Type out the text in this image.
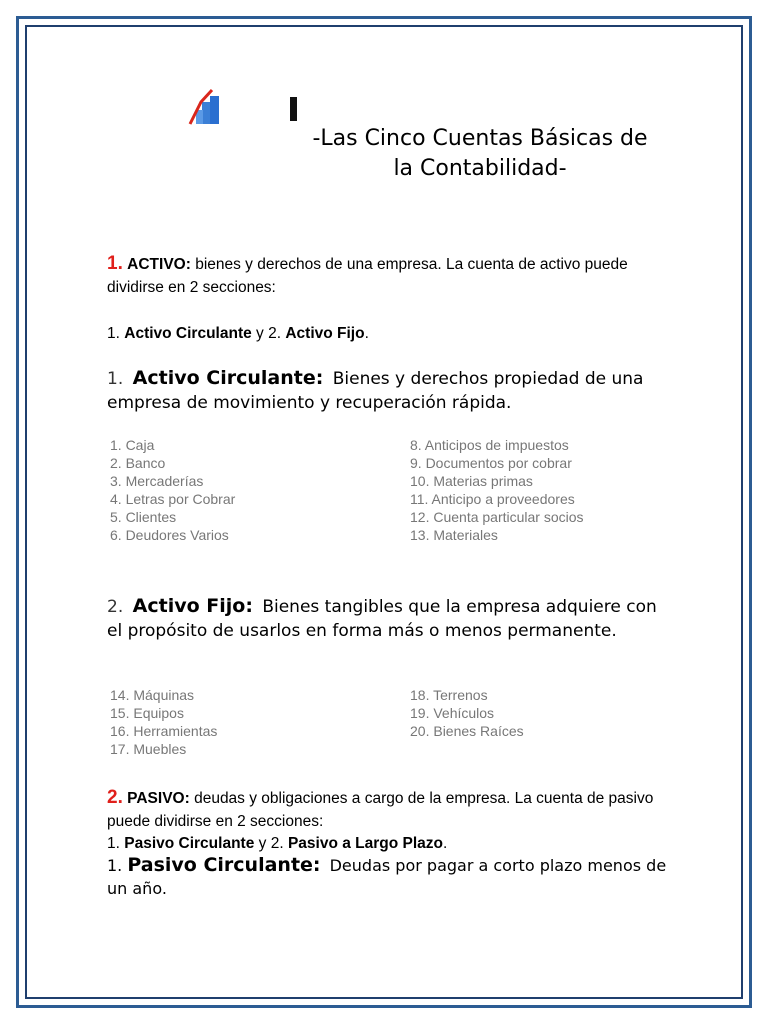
-Las Cinco Cuentas Básicas de
la Contabilidad-
1. ACTIVO: bienes y derechos de una empresa. La cuenta de activo puede dividirse en 2 secciones:
1. Activo Circulante y 2. Activo Fijo.
1. Activo Circulante: Bienes y derechos propiedad de una empresa de movimiento y recuperación rápida.
1. Caja
2. Banco
3. Mercaderías
4. Letras por Cobrar
5. Clientes
6. Deudores Varios
8. Anticipos de impuestos
9. Documentos por cobrar
10. Materias primas
11. Anticipo a proveedores
12. Cuenta particular socios
13. Materiales
2. Activo Fijo: Bienes tangibles que la empresa adquiere con el propósito de usarlos en forma más o menos permanente.
14. Máquinas
15. Equipos
16. Herramientas
17. Muebles
18. Terrenos
19. Vehículos
20. Bienes Raíces
2. PASIVO: deudas y obligaciones a cargo de la empresa. La cuenta de pasivo puede dividirse en 2 secciones:
1. Pasivo Circulante y 2. Pasivo a Largo Plazo.
1. Pasivo Circulante: Deudas por pagar a corto plazo menos de un año.
